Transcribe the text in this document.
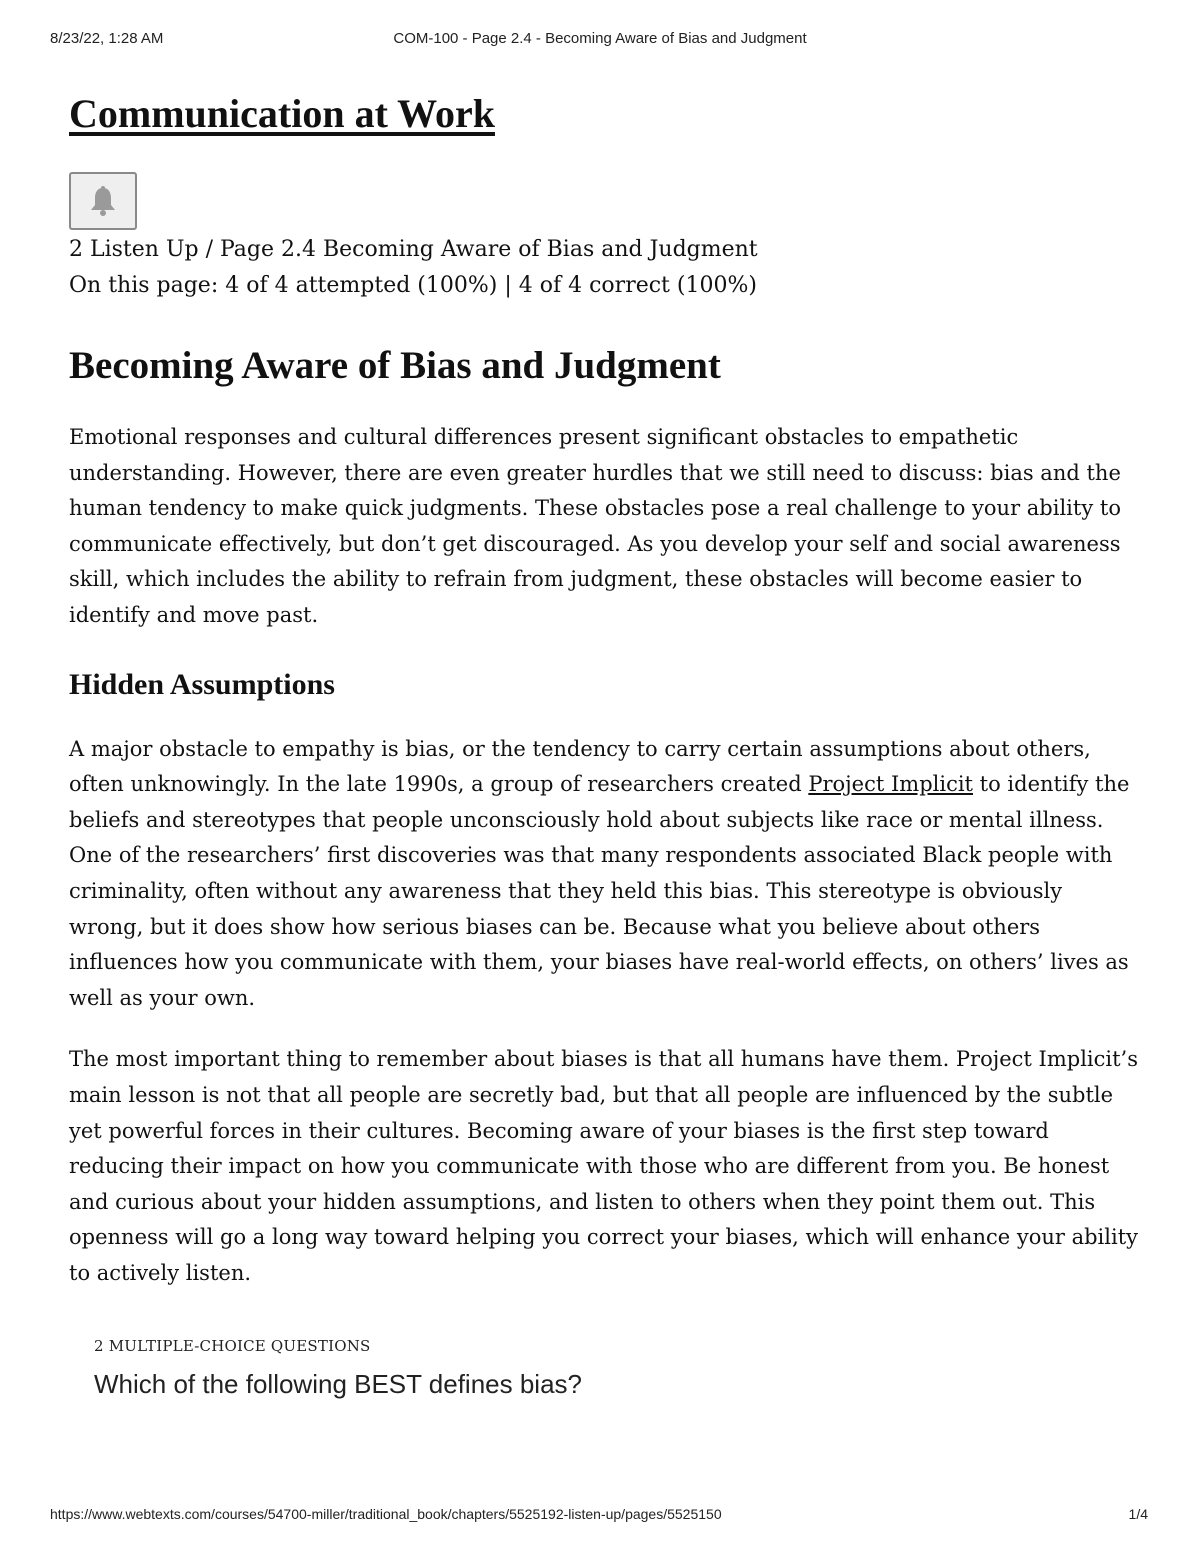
8/23/22, 1:28 AM	COM-100 - Page 2.4 - Becoming Aware of Bias and Judgment
Communication at Work
2 Listen Up / Page 2.4 Becoming Aware of Bias and Judgment
On this page: 4 of 4 attempted (100%) | 4 of 4 correct (100%)
Becoming Aware of Bias and Judgment

Emotional responses and cultural differences present significant obstacles to empathetic understanding. However, there are even greater hurdles that we still need to discuss: bias and the human tendency to make quick judgments. These obstacles pose a real challenge to your ability to communicate effectively, but don’t get discouraged. As you develop your self and social awareness skill, which includes the ability to refrain from judgment, these obstacles will become easier to identify and move past.

Hidden Assumptions

A major obstacle to empathy is bias, or the tendency to carry certain assumptions about others, often unknowingly. In the late 1990s, a group of researchers created Project Implicit to identify the beliefs and stereotypes that people unconsciously hold about subjects like race or mental illness. One of the researchers’ first discoveries was that many respondents associated Black people with criminality, often without any awareness that they held this bias. This stereotype is obviously wrong, but it does show how serious biases can be. Because what you believe about others influences how you communicate with them, your biases have real-world effects, on others’ lives as well as your own.

The most important thing to remember about biases is that all humans have them. Project Implicit’s main lesson is not that all people are secretly bad, but that all people are influenced by the subtle yet powerful forces in their cultures. Becoming aware of your biases is the first step toward reducing their impact on how you communicate with those who are different from you. Be honest and curious about your hidden assumptions, and listen to others when they point them out. This openness will go a long way toward helping you correct your biases, which will enhance your ability to actively listen.

2 MULTIPLE-CHOICE QUESTIONS
Which of the following BEST defines bias?
https://www.webtexts.com/courses/54700-miller/traditional_book/chapters/5525192-listen-up/pages/5525150	1/4
